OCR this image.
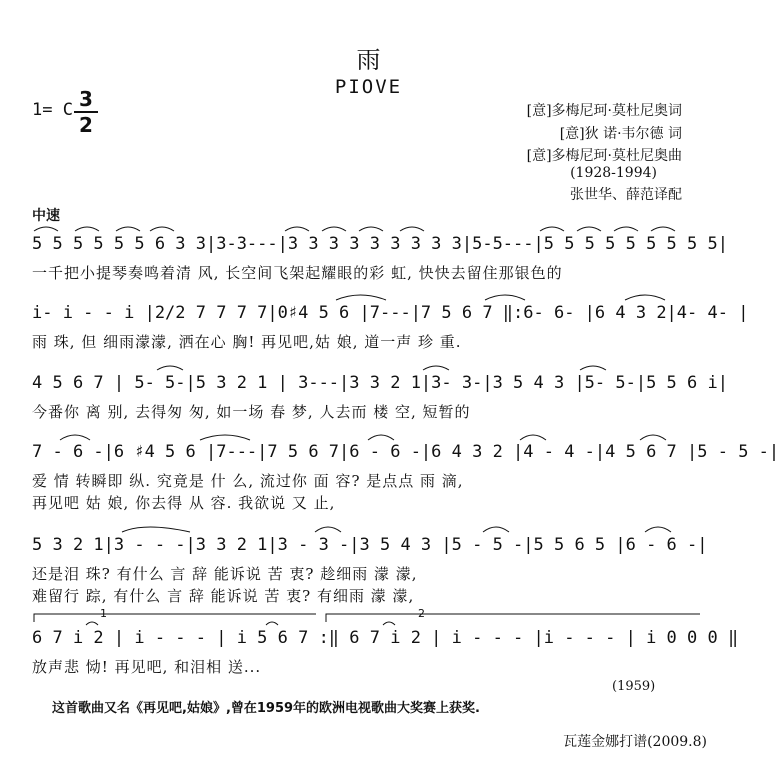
雨
PIOVE
1= C 3
2
[意]多梅尼珂·莫杜尼奥词
[意]狄 诺·韦尔德 词
[意]多梅尼珂·莫杜尼奥曲
(1928-1994)
张世华、薛范译配
中速
5 5 5 5 5 5 6 3 3|3-3---|3 3 3 3 3 3 3 3 3|5-5---|5 5 5 5 5 5 5 5 5|
一千把小提琴奏鸣着清 风, 长空间飞架起耀眼的彩 虹, 快快去留住那银色的
i- i - - i |2/2 7 7 7 7|0♯4 5 6 |7---|7 5 6 7 ‖:6- 6- |6 4 3 2|4- 4- |
雨 珠, 但 细雨濛濛, 洒在心 胸! 再见吧,姑 娘, 道一声 珍 重.
4 5 6 7 | 5- 5-|5 3 2 1 | 3---|3 3 2 1|3- 3-|3 5 4 3 |5- 5-|5 5 6 i|
今番你 离 别, 去得匆 匆, 如一场 春 梦, 人去而 楼 空, 短暂的
7 - 6 -|6 ♯4 5 6 |7---|7 5 6 7|6 - 6 -|6 4 3 2 |4 - 4 -|4 5 6 7 |5 - 5 -|
爱 情 转瞬即 纵. 究竟是 什 么, 流过你 面 容? 是点点 雨 滴,
再见吧 姑 娘, 你去得 从 容. 我欲说 又 止,
5 3 2 1|3 - - -|3 3 2 1|3 - 3 -|3 5 4 3 |5 - 5 -|5 5 6 5 |6 - 6 -|
还是泪 珠? 有什么 言 辞 能诉说 苦 衷? 趁细雨 濛 濛,
难留行 踪, 有什么 言 辞 能诉说 苦 衷? 有细雨 濛 濛,
1	2
6 7 i 2 | i - - - | i 5 6 7 :‖ 6 7 i 2 | i - - - |i - - - | i 0 0 0 ‖
放声悲 恸! 再见吧, 和泪相 送...
(1959)
这首歌曲又名《再见吧,姑娘》,曾在1959年的欧洲电视歌曲大奖赛上获奖.
瓦莲金娜打谱(2009.8)
